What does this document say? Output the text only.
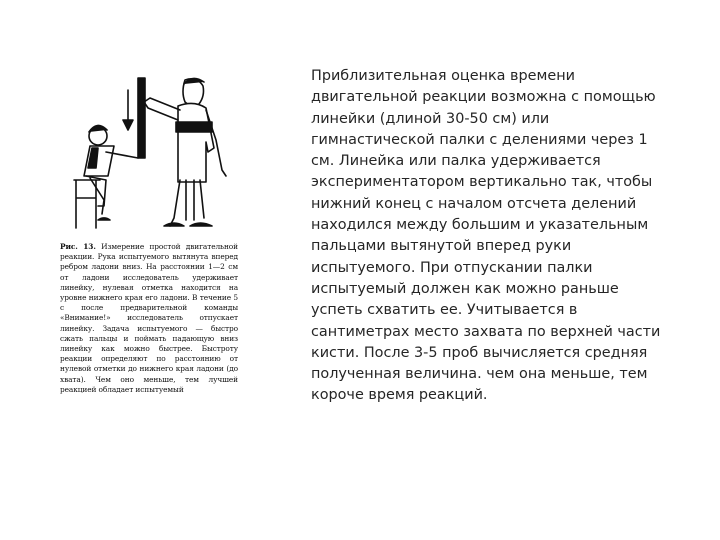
Рис. 13. Измерение простой двигательной реакции. Рука испытуемого вытянута вперед ребром ладони вниз. На расстоянии 1—2 см от ладони исследователь удерживает линейку, нулевая отметка находится на уровне нижнего края его ладони. В течение 5 с после предварительной команды «Внимание!» исследователь отпускает линейку. Задача испытуемого — быстро сжать пальцы и поймать падающую вниз линейку как можно быстрее. Быстроту реакции определяют по расстоянию от нулевой отметки до нижнего края ладони (до хвата). Чем оно меньше, тем лучшей реакцией обладает испытуемый

Приблизительная оценка времени двигательной реакции возможна с помощью линейки (длиной 30-50 см) или гимнастической палки с делениями через 1 см. Линейка или палка удерживается экспериментатором вертикально так, чтобы нижний конец с началом отсчета делений находился между большим и указательным пальцами вытянутой вперед руки испытуемого. При отпускании палки испытуемый должен как можно раньше успеть схватить ее. Учитывается в сантиметрах место захвата по верхней части кисти. После 3-5 проб вычисляется средняя полученная величина. чем она меньше, тем короче время реакций.
